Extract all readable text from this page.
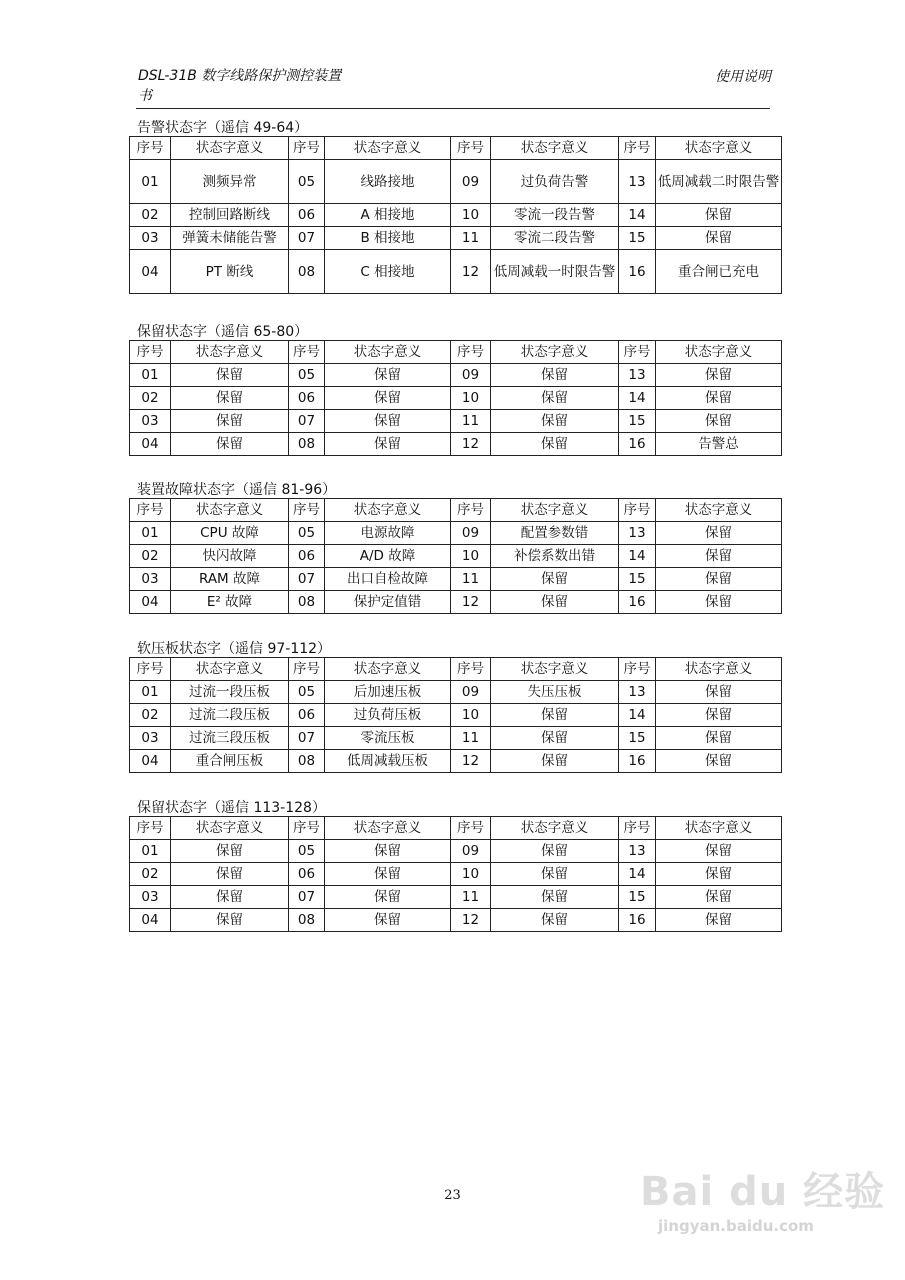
DSL-31B 数字线路保护测控装置
书
使用说明
告警状态字（遥信 49-64）
序号	状态字意义	序号	状态字意义	序号	状态字意义	序号	状态字意义
01	测频异常	05	线路接地	09	过负荷告警	13	低周减载二时限告警
02	控制回路断线	06	A 相接地	10	零流一段告警	14	保留
03	弹簧未储能告警	07	B 相接地	11	零流二段告警	15	保留
04	PT 断线	08	C 相接地	12	低周减载一时限告警	16	重合闸已充电
保留状态字（遥信 65-80）
序号	状态字意义	序号	状态字意义	序号	状态字意义	序号	状态字意义
01	保留	05	保留	09	保留	13	保留
02	保留	06	保留	10	保留	14	保留
03	保留	07	保留	11	保留	15	保留
04	保留	08	保留	12	保留	16	告警总
装置故障状态字（遥信 81-96）
序号	状态字意义	序号	状态字意义	序号	状态字意义	序号	状态字意义
01	CPU 故障	05	电源故障	09	配置参数错	13	保留
02	快闪故障	06	A/D 故障	10	补偿系数出错	14	保留
03	RAM 故障	07	出口自检故障	11	保留	15	保留
04	E² 故障	08	保护定值错	12	保留	16	保留
软压板状态字（遥信 97-112）
序号	状态字意义	序号	状态字意义	序号	状态字意义	序号	状态字意义
01	过流一段压板	05	后加速压板	09	失压压板	13	保留
02	过流二段压板	06	过负荷压板	10	保留	14	保留
03	过流三段压板	07	零流压板	11	保留	15	保留
04	重合闸压板	08	低周减载压板	12	保留	16	保留
保留状态字（遥信 113-128）
序号	状态字意义	序号	状态字意义	序号	状态字意义	序号	状态字意义
01	保留	05	保留	09	保留	13	保留
02	保留	06	保留	10	保留	14	保留
03	保留	07	保留	11	保留	15	保留
04	保留	08	保留	12	保留	16	保留
23	Bai du 经验
jingyan.baidu.com
